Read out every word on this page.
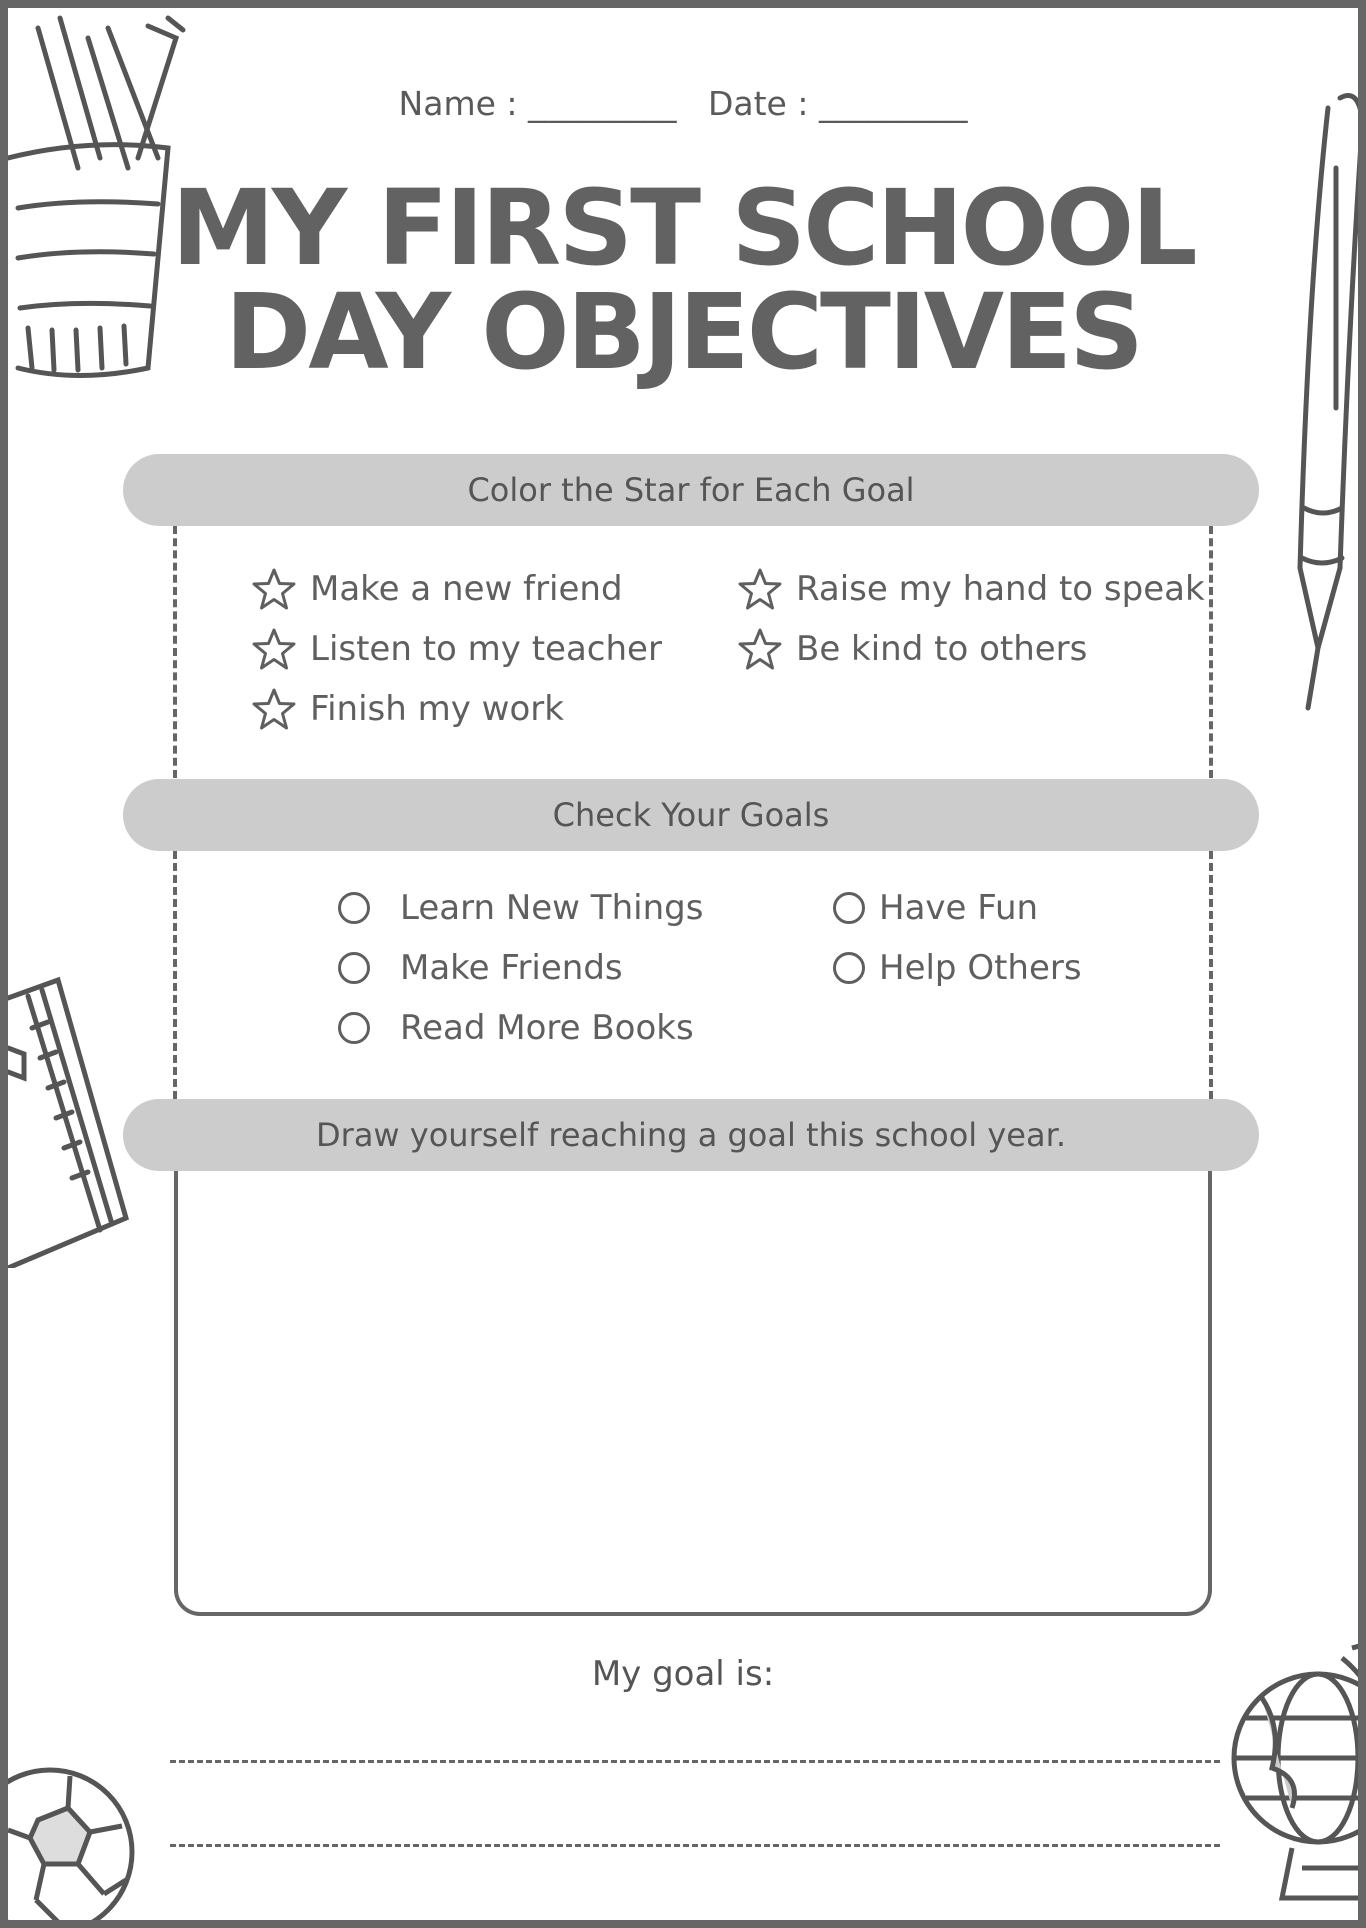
Name : _________ Date : _________
MY FIRST SCHOOL
DAY OBJECTIVES
Color the Star for Each Goal
Make a new friend
Listen to my teacher
Finish my work
Raise my hand to speak
Be kind to others
Check Your Goals
Learn New Things
Make Friends
Read More Books
Have Fun
Help Others
Draw yourself reaching a goal this school year.
My goal is:
